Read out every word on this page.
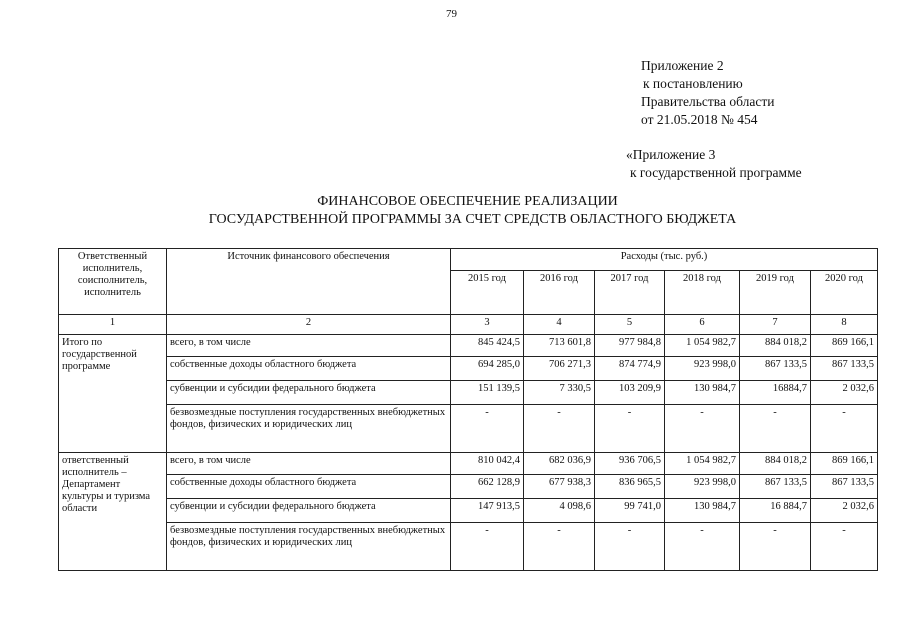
79
Приложение 2
к постановлению
Правительства области
от 21.05.2018 № 454
«Приложение 3
к государственной программе
ФИНАНСОВОЕ ОБЕСПЕЧЕНИЕ РЕАЛИЗАЦИИ
ГОСУДАРСТВЕННОЙ ПРОГРАММЫ ЗА СЧЕТ СРЕДСТВ ОБЛАСТНОГО БЮДЖЕТА
Ответственный исполнитель, соисполнитель, исполнитель	Источник финансового обеспечения	Расходы (тыс. руб.)					
		2015 год	2016 год	2017 год	2018 год	2019 год	2020 год
1	2	3	4	5	6	7	8
Итого по государственной программе	всего, в том числе	845 424,5	713 601,8	977 984,8	1 054 982,7	884 018,2	869 166,1
	собственные доходы областного бюджета	694 285,0	706 271,3	874 774,9	923 998,0	867 133,5	867 133,5
	субвенции и субсидии федерального бюджета	151 139,5	7 330,5	103 209,9	130 984,7	16884,7	2 032,6
	безвозмездные поступления государственных внебюджетных фондов, физических и юридических лиц	-	-	-	-	-	-
ответственный исполнитель – Департамент культуры и туризма области	всего, в том числе	810 042,4	682 036,9	936 706,5	1 054 982,7	884 018,2	869 166,1
	собственные доходы областного бюджета	662 128,9	677 938,3	836 965,5	923 998,0	867 133,5	867 133,5
	субвенции и субсидии федерального бюджета	147 913,5	4 098,6	99 741,0	130 984,7	16 884,7	2 032,6
	безвозмездные поступления государственных внебюджетных фондов, физических и юридических лиц	-	-	-	-	-	-
